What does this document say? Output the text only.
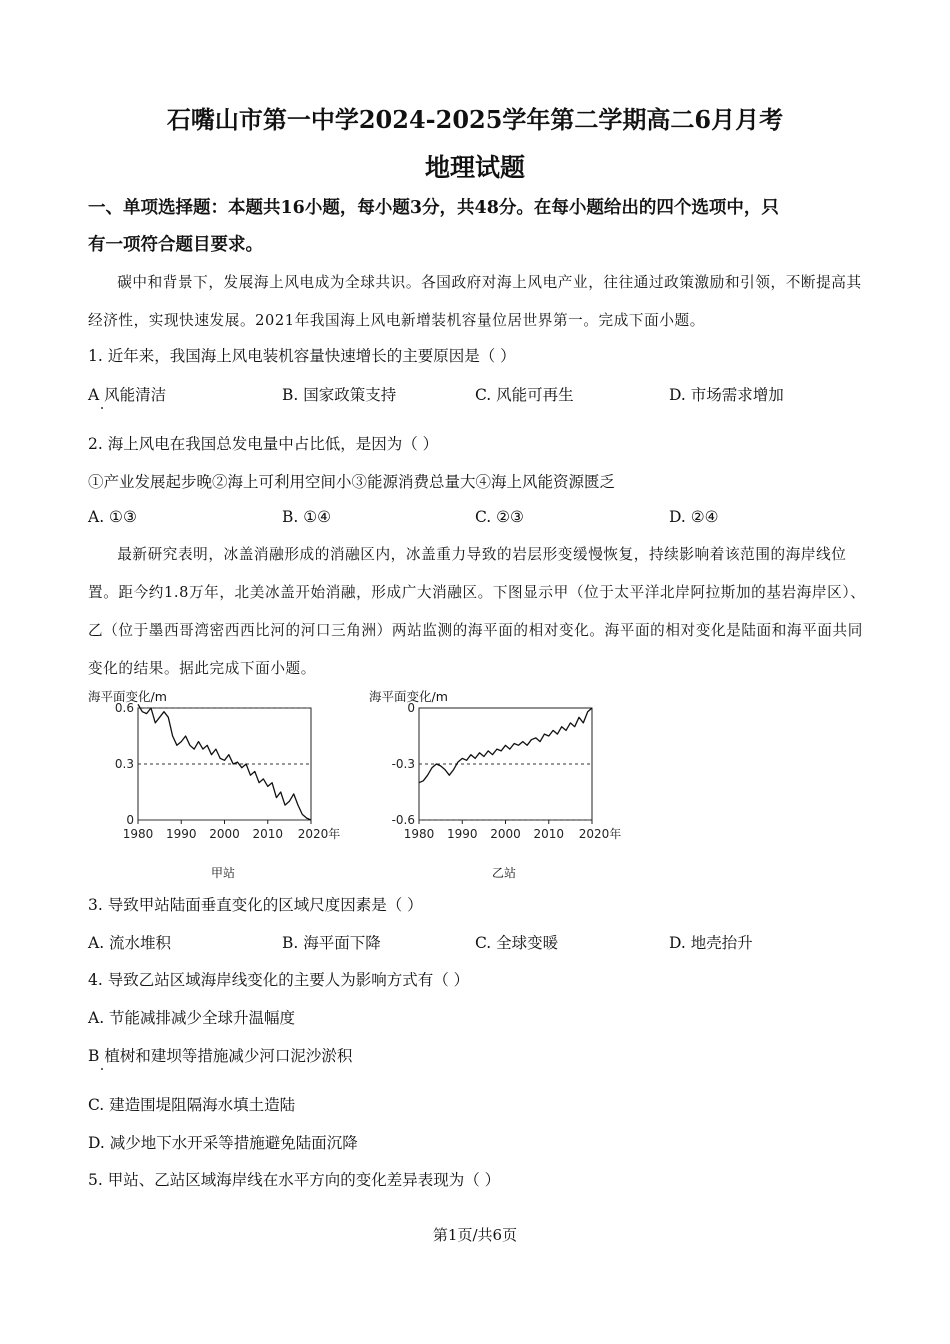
石嘴山市第一中学2024-2025学年第二学期高二6月月考
地理试题
一、单项选择题：本题共16小题，每小题3分，共48分。在每小题给出的四个选项中，只
有一项符合题目要求。
碳中和背景下，发展海上风电成为全球共识。各国政府对海上风电产业，往往通过政策激励和引领，不断提高其经济性，实现快速发展。2021年我国海上风电新增装机容量位居世界第一。完成下面小题。
1. 近年来，我国海上风电装机容量快速增长的主要原因是（ ）
A 风能清洁	B. 国家政策支持	C. 风能可再生	D. 市场需求增加
2. 海上风电在我国总发电量中占比低，是因为（ ）
①产业发展起步晚②海上可利用空间小③能源消费总量大④海上风能资源匮乏
A. ①③	B. ①④	C. ②③	D. ②④
最新研究表明，冰盖消融形成的消融区内，冰盖重力导致的岩层形变缓慢恢复，持续影响着该范围的海岸线位置。距今约1.8万年，北美冰盖开始消融，形成广大消融区。下图显示甲（位于太平洋北岸阿拉斯加的基岩海岸区）、乙（位于墨西哥湾密西西比河的河口三角洲）两站监测的海平面的相对变化。海平面的相对变化是陆面和海平面共同变化的结果。据此完成下面小题。
海平面变化/m
0.6
0.3
0
1980 1990 2000 2010 2020年
甲站
海平面变化/m
0
-0.3
-0.6
1980 1990 2000 2010 2020年
乙站
3. 导致甲站陆面垂直变化的区域尺度因素是（ ）
A. 流水堆积	B. 海平面下降	C. 全球变暖	D. 地壳抬升
4. 导致乙站区域海岸线变化的主要人为影响方式有（ ）
A. 节能减排减少全球升温幅度
B 植树和建坝等措施减少河口泥沙淤积
C. 建造围堤阻隔海水填土造陆
D. 减少地下水开采等措施避免陆面沉降
5. 甲站、乙站区域海岸线在水平方向的变化差异表现为（ ）
第1页/共6页
